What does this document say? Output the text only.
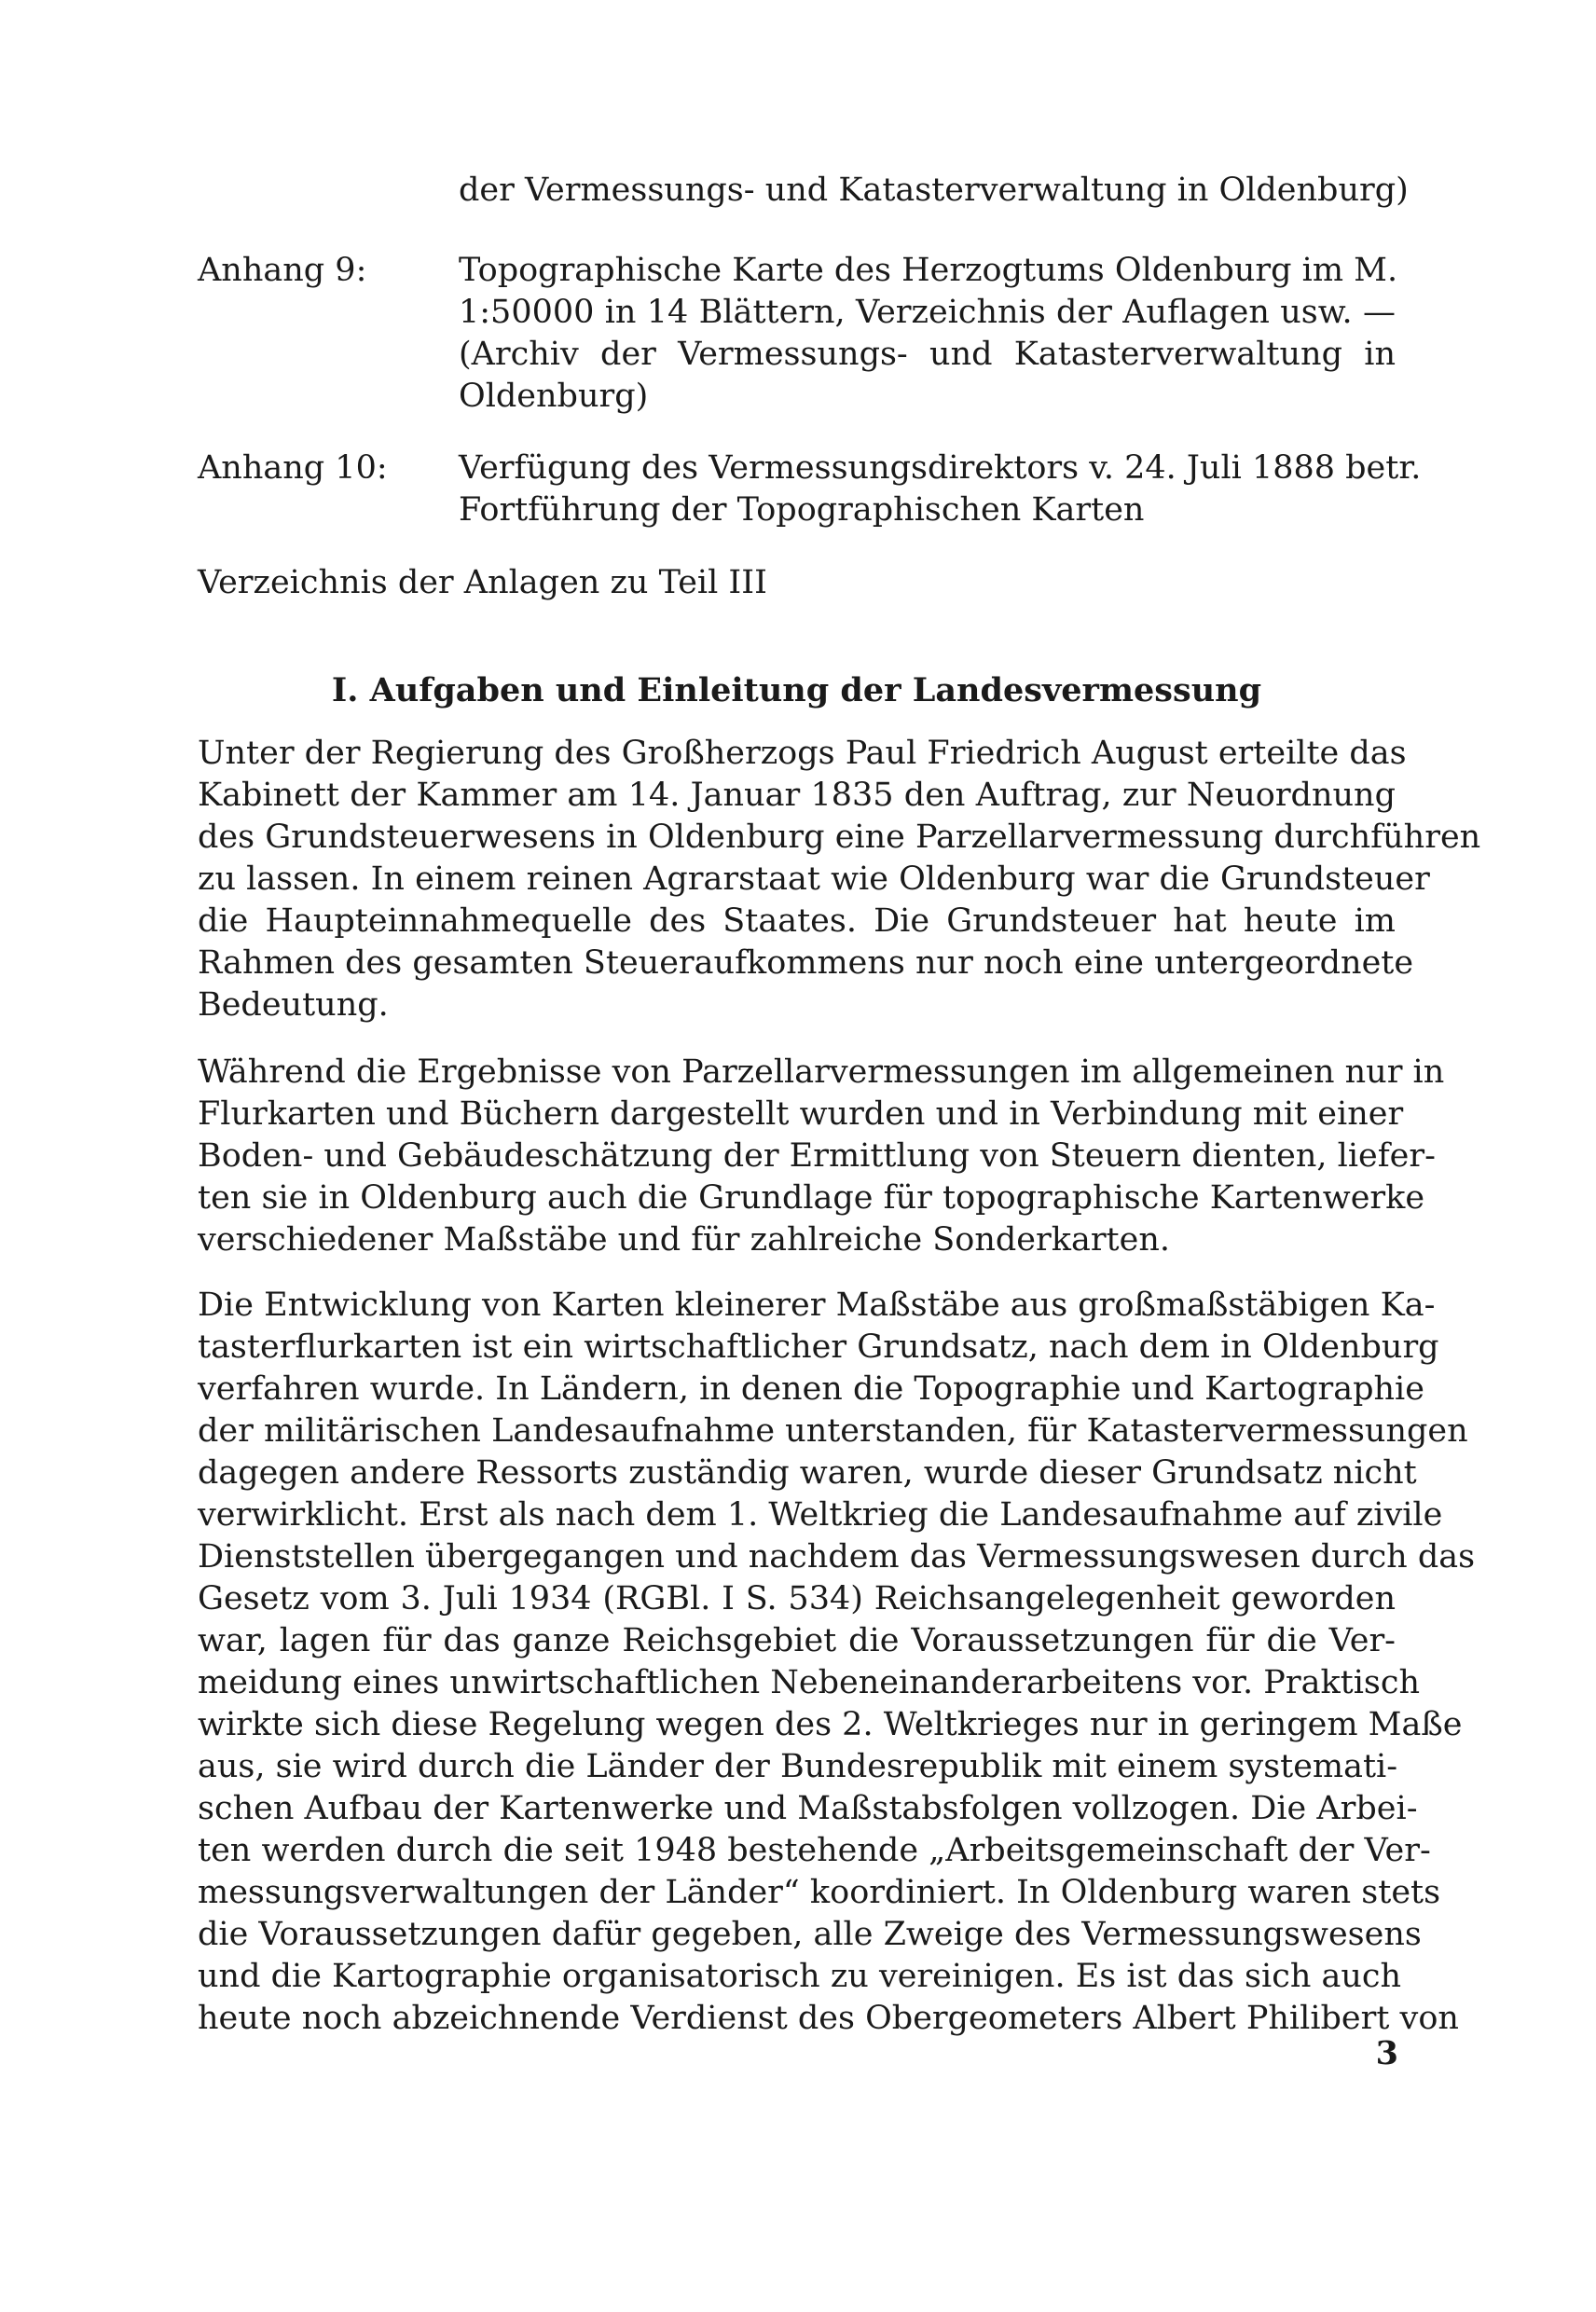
der Vermessungs- und Katasterverwaltung in Oldenburg)
Anhang 9:	Topographische Karte des Herzogtums Oldenburg im M.
1:50000 in 14 Blättern, Verzeichnis der Auflagen usw. —
(Archiv der Vermessungs- und Katasterverwaltung in
Oldenburg)
Anhang 10: Verfügung des Vermessungsdirektors v. 24. Juli 1888 betr.
Fortführung der Topographischen Karten
Verzeichnis der Anlagen zu Teil III
I. Aufgaben und Einleitung der Landesvermessung
Unter der Regierung des Großherzogs Paul Friedrich August erteilte das
Kabinett der Kammer am 14. Januar 1835 den Auftrag, zur Neuordnung
des Grundsteuerwesens in Oldenburg eine Parzellarvermessung durchführen
zu lassen. In einem reinen Agrarstaat wie Oldenburg war die Grundsteuer
die Haupteinnahmequelle des Staates. Die Grundsteuer hat heute im
Rahmen des gesamten Steueraufkommens nur noch eine untergeordnete
Bedeutung.
Während die Ergebnisse von Parzellarvermessungen im allgemeinen nur in
Flurkarten und Büchern dargestellt wurden und in Verbindung mit einer
Boden- und Gebäudeschätzung der Ermittlung von Steuern dienten, liefer-
ten sie in Oldenburg auch die Grundlage für topographische Kartenwerke
verschiedener Maßstäbe und für zahlreiche Sonderkarten.
Die Entwicklung von Karten kleinerer Maßstäbe aus großmaßstäbigen Ka-
tasterflurkarten ist ein wirtschaftlicher Grundsatz, nach dem in Oldenburg
verfahren wurde. In Ländern, in denen die Topographie und Kartographie
der militärischen Landesaufnahme unterstanden, für Katastervermessungen
dagegen andere Ressorts zuständig waren, wurde dieser Grundsatz nicht
verwirklicht. Erst als nach dem 1. Weltkrieg die Landesaufnahme auf zivile
Dienststellen übergegangen und nachdem das Vermessungswesen durch das
Gesetz vom 3. Juli 1934 (RGBl. I S. 534) Reichsangelegenheit geworden
war, lagen für das ganze Reichsgebiet die Voraussetzungen für die Ver-
meidung eines unwirtschaftlichen Nebeneinanderarbeitens vor. Praktisch
wirkte sich diese Regelung wegen des 2. Weltkrieges nur in geringem Maße
aus, sie wird durch die Länder der Bundesrepublik mit einem systemati-
schen Aufbau der Kartenwerke und Maßstabsfolgen vollzogen. Die Arbei-
ten werden durch die seit 1948 bestehende „Arbeitsgemeinschaft der Ver-
messungsverwaltungen der Länder“ koordiniert. In Oldenburg waren stets
die Voraussetzungen dafür gegeben, alle Zweige des Vermessungswesens
und die Kartographie organisatorisch zu vereinigen. Es ist das sich auch
heute noch abzeichnende Verdienst des Obergeometers Albert Philibert von
3
